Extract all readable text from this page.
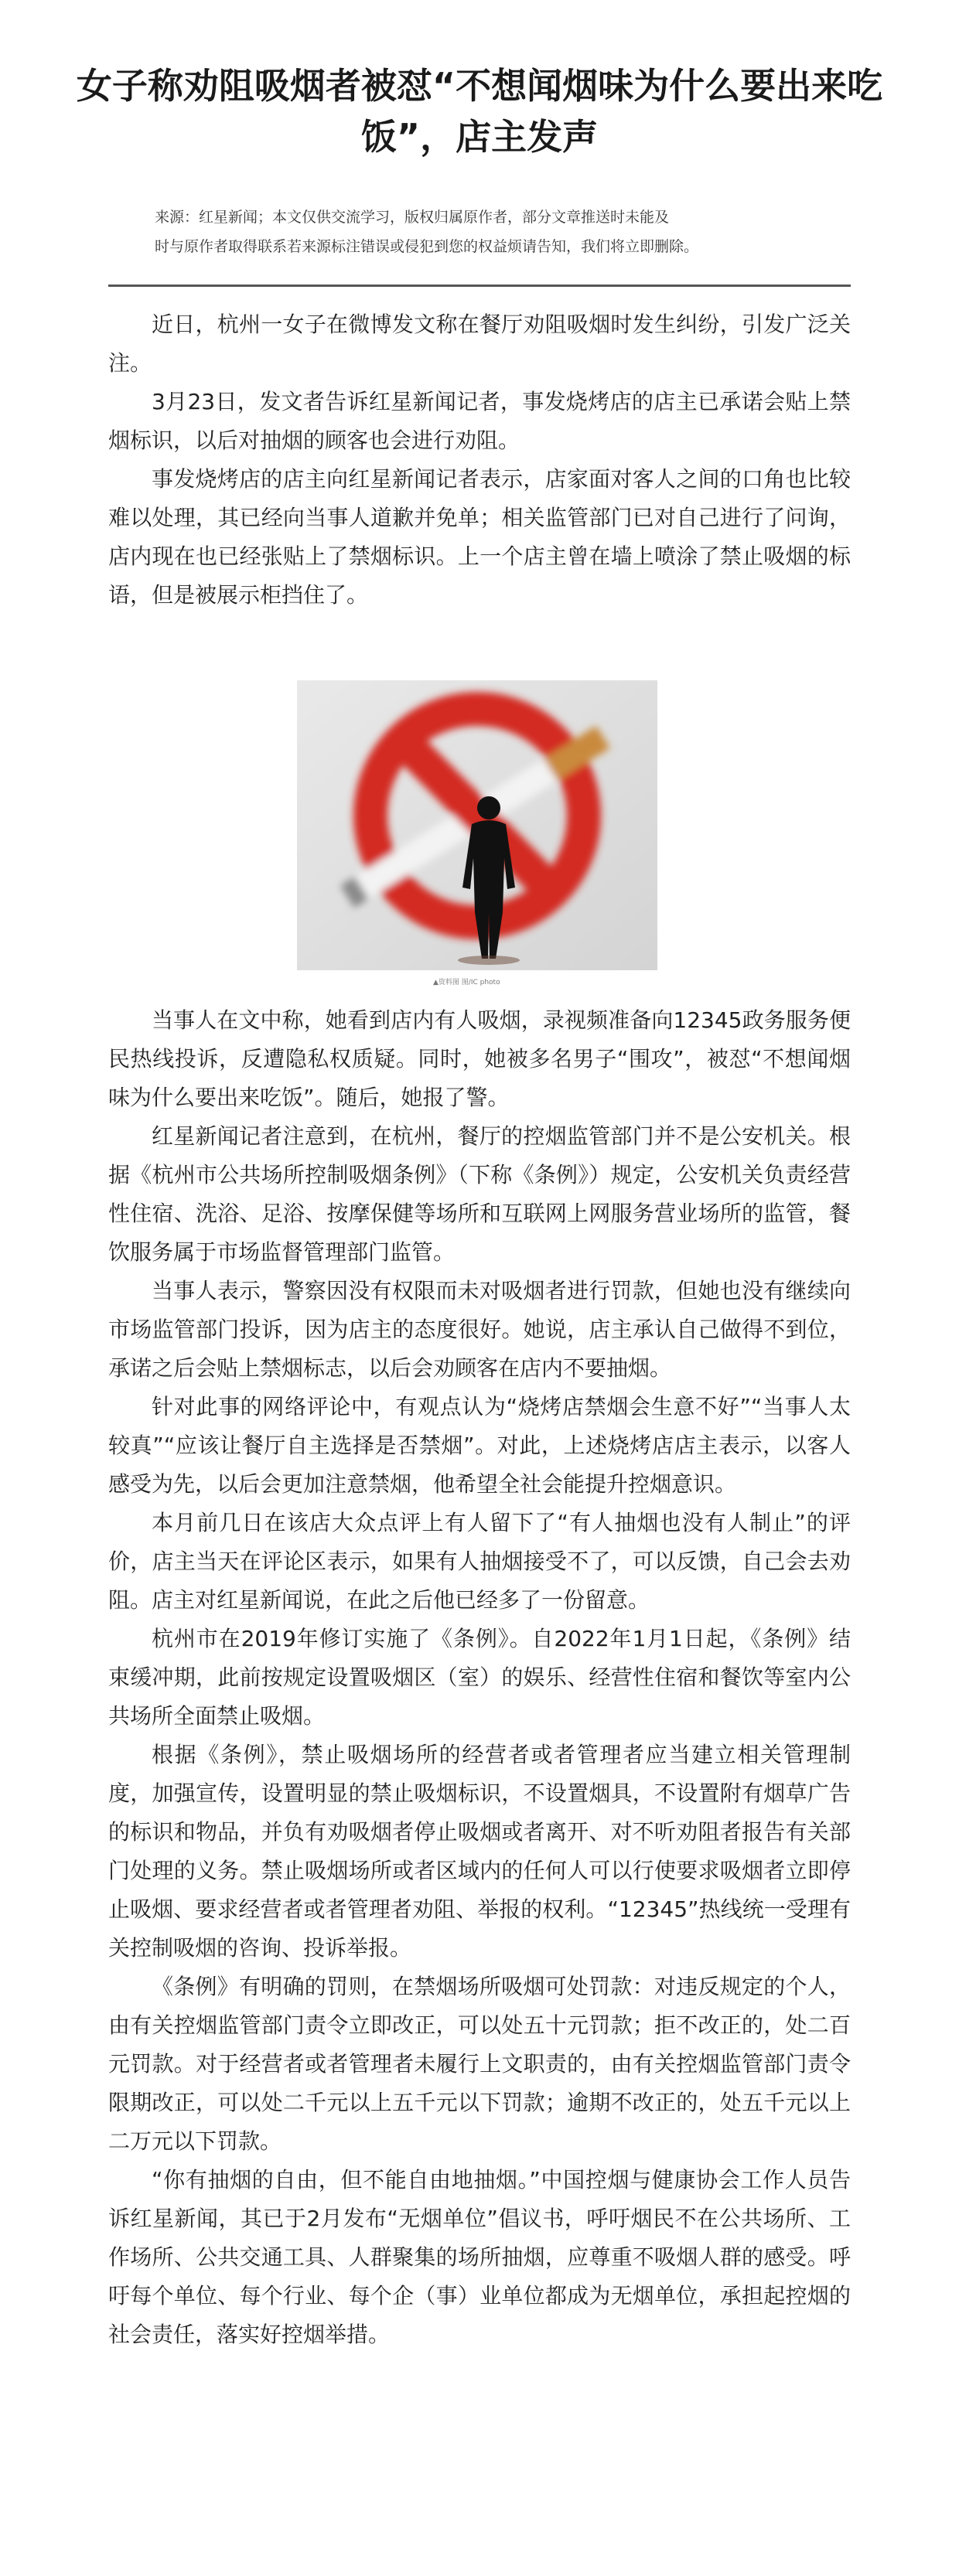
女子称劝阻吸烟者被怼“不想闻烟味为什么要出来吃饭”，店主发声
来源：红星新闻；本文仅供交流学习，版权归属原作者，部分文章推送时未能及
时与原作者取得联系若来源标注错误或侵犯到您的权益烦请告知，我们将立即删除。

近日，杭州一女子在微博发文称在餐厅劝阻吸烟时发生纠纷，引发广泛关注。

3月23日，发文者告诉红星新闻记者，事发烧烤店的店主已承诺会贴上禁烟标识，以后对抽烟的顾客也会进行劝阻。

事发烧烤店的店主向红星新闻记者表示，店家面对客人之间的口角也比较难以处理，其已经向当事人道歉并免单；相关监管部门已对自己进行了问询，店内现在也已经张贴上了禁烟标识。上一个店主曾在墙上喷涂了禁止吸烟的标语，但是被展示柜挡住了。

▲资料图 图/IC photo

当事人在文中称，她看到店内有人吸烟，录视频准备向12345政务服务便民热线投诉，反遭隐私权质疑。同时，她被多名男子“围攻”，被怼“不想闻烟味为什么要出来吃饭”。随后，她报了警。

红星新闻记者注意到，在杭州，餐厅的控烟监管部门并不是公安机关。根据《杭州市公共场所控制吸烟条例》（下称《条例》）规定，公安机关负责经营性住宿、洗浴、足浴、按摩保健等场所和互联网上网服务营业场所的监管，餐饮服务属于市场监督管理部门监管。

当事人表示，警察因没有权限而未对吸烟者进行罚款，但她也没有继续向市场监管部门投诉，因为店主的态度很好。她说，店主承认自己做得不到位，承诺之后会贴上禁烟标志，以后会劝顾客在店内不要抽烟。

针对此事的网络评论中，有观点认为“烧烤店禁烟会生意不好”“当事人太较真”“应该让餐厅自主选择是否禁烟”。对此，上述烧烤店店主表示，以客人感受为先，以后会更加注意禁烟，他希望全社会能提升控烟意识。

本月前几日在该店大众点评上有人留下了“有人抽烟也没有人制止”的评价，店主当天在评论区表示，如果有人抽烟接受不了，可以反馈，自己会去劝阻。店主对红星新闻说，在此之后他已经多了一份留意。

杭州市在2019年修订实施了《条例》。自2022年1月1日起，《条例》结束缓冲期，此前按规定设置吸烟区（室）的娱乐、经营性住宿和餐饮等室内公共场所全面禁止吸烟。

根据《条例》，禁止吸烟场所的经营者或者管理者应当建立相关管理制度，加强宣传，设置明显的禁止吸烟标识，不设置烟具，不设置附有烟草广告的标识和物品，并负有劝吸烟者停止吸烟或者离开、对不听劝阻者报告有关部门处理的义务。禁止吸烟场所或者区域内的任何人可以行使要求吸烟者立即停止吸烟、要求经营者或者管理者劝阻、举报的权利。“12345”热线统一受理有关控制吸烟的咨询、投诉举报。

《条例》有明确的罚则，在禁烟场所吸烟可处罚款：对违反规定的个人，由有关控烟监管部门责令立即改正，可以处五十元罚款；拒不改正的，处二百元罚款。对于经营者或者管理者未履行上文职责的，由有关控烟监管部门责令限期改正，可以处二千元以上五千元以下罚款；逾期不改正的，处五千元以上二万元以下罚款。

“你有抽烟的自由，但不能自由地抽烟。”中国控烟与健康协会工作人员告诉红星新闻，其已于2月发布“无烟单位”倡议书，呼吁烟民不在公共场所、工作场所、公共交通工具、人群聚集的场所抽烟，应尊重不吸烟人群的感受。呼吁每个单位、每个行业、每个企（事）业单位都成为无烟单位，承担起控烟的社会责任，落实好控烟举措。
